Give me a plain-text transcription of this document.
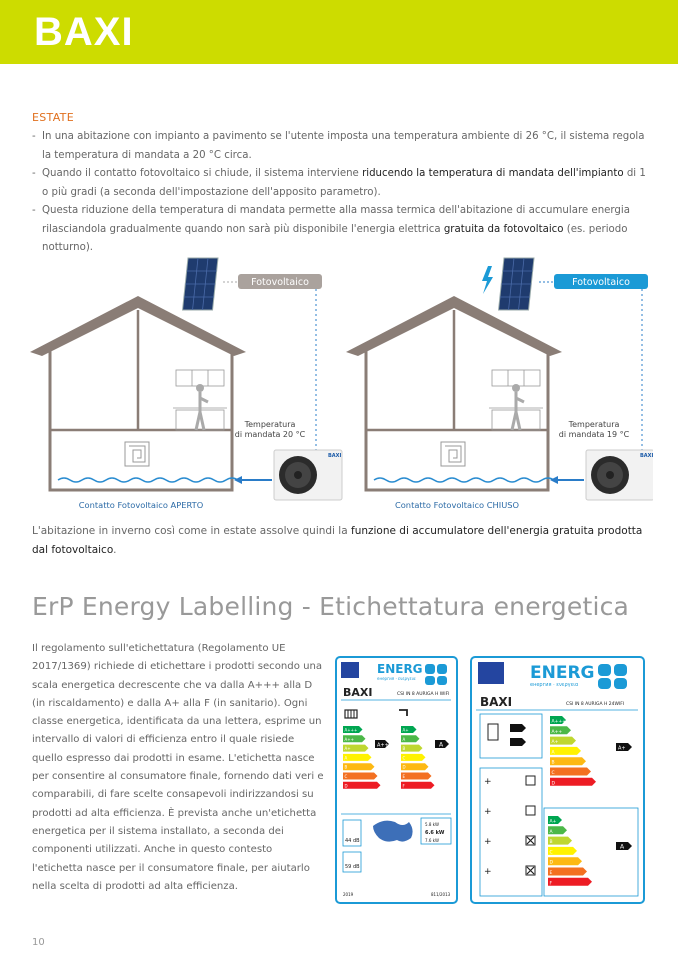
BAXI
ESTATE
- In una abitazione con impianto a pavimento se l'utente imposta una temperatura ambiente di 26 °C, il sistema regola la temperatura di mandata a 20 °C circa.
- Quando il contatto fotovoltaico si chiude, il sistema interviene riducendo la temperatura di mandata dell'impianto di 1 o più gradi (a seconda dell'impostazione dell'apposito parametro).
- Questa riduzione della temperatura di mandata permette alla massa termica dell'abitazione di accumulare energia rilasciandola gradualmente quando non sarà più disponibile l'energia elettrica gratuita da fotovoltaico (es. periodo notturno).
Fotovoltaico
Temperatura
di mandata 20 °C
BAXI
Contatto Fotovoltaico APERTO
Fotovoltaico
Temperatura
di mandata 19 °C
BAXI
Contatto Fotovoltaico CHIUSO
L'abitazione in inverno così come in estate assolve quindi la funzione di accumulatore dell'energia gratuita prodotta dal fotovoltaico.
ErP Energy Labelling - Etichettatura energetica
Il regolamento sull'etichettatura (Regolamento UE 2017/1369) richiede di etichettare i prodotti secondo una scala energetica decrescente che va dalla A+++ alla D (in riscaldamento) e dalla A+ alla F (in sanitario). Ogni classe energetica, identificata da una lettera, esprime un intervallo di valori di efficienza entro il quale risiede quello espresso dai prodotti in esame. L'etichetta nasce per consentire al consumatore finale, fornendo dati veri e comparabili, di fare scelte consapevoli indirizzandosi su prodotti ad alta efficienza. È prevista anche un'etichetta energetica per il sistema installato, a seconda dei componenti utilizzati. Anche in questo contesto l'etichetta nasce per il consumatore finale, per aiutarlo nella scelta di prodotti ad alta efficienza.
ENERG
енергия · ενεργεια
BAXI	CSI IN 8 AURIGA H WIFI
A+++
A++
A+
A
B
C
D
A+
A
B
C
D
E
F
A++	A
44 dB
59 dB
5.8 kW
6.6 kW
7.6 kW
2019	811/2013
ENERG
енергия · ενεργεια
BAXI	CSI IN 8 AURIGA H 24WIFI
A+++
A++
A+
A
B
C
D
A+
+
+
+
+
A+
A
B
C
D
E
F
A
10
